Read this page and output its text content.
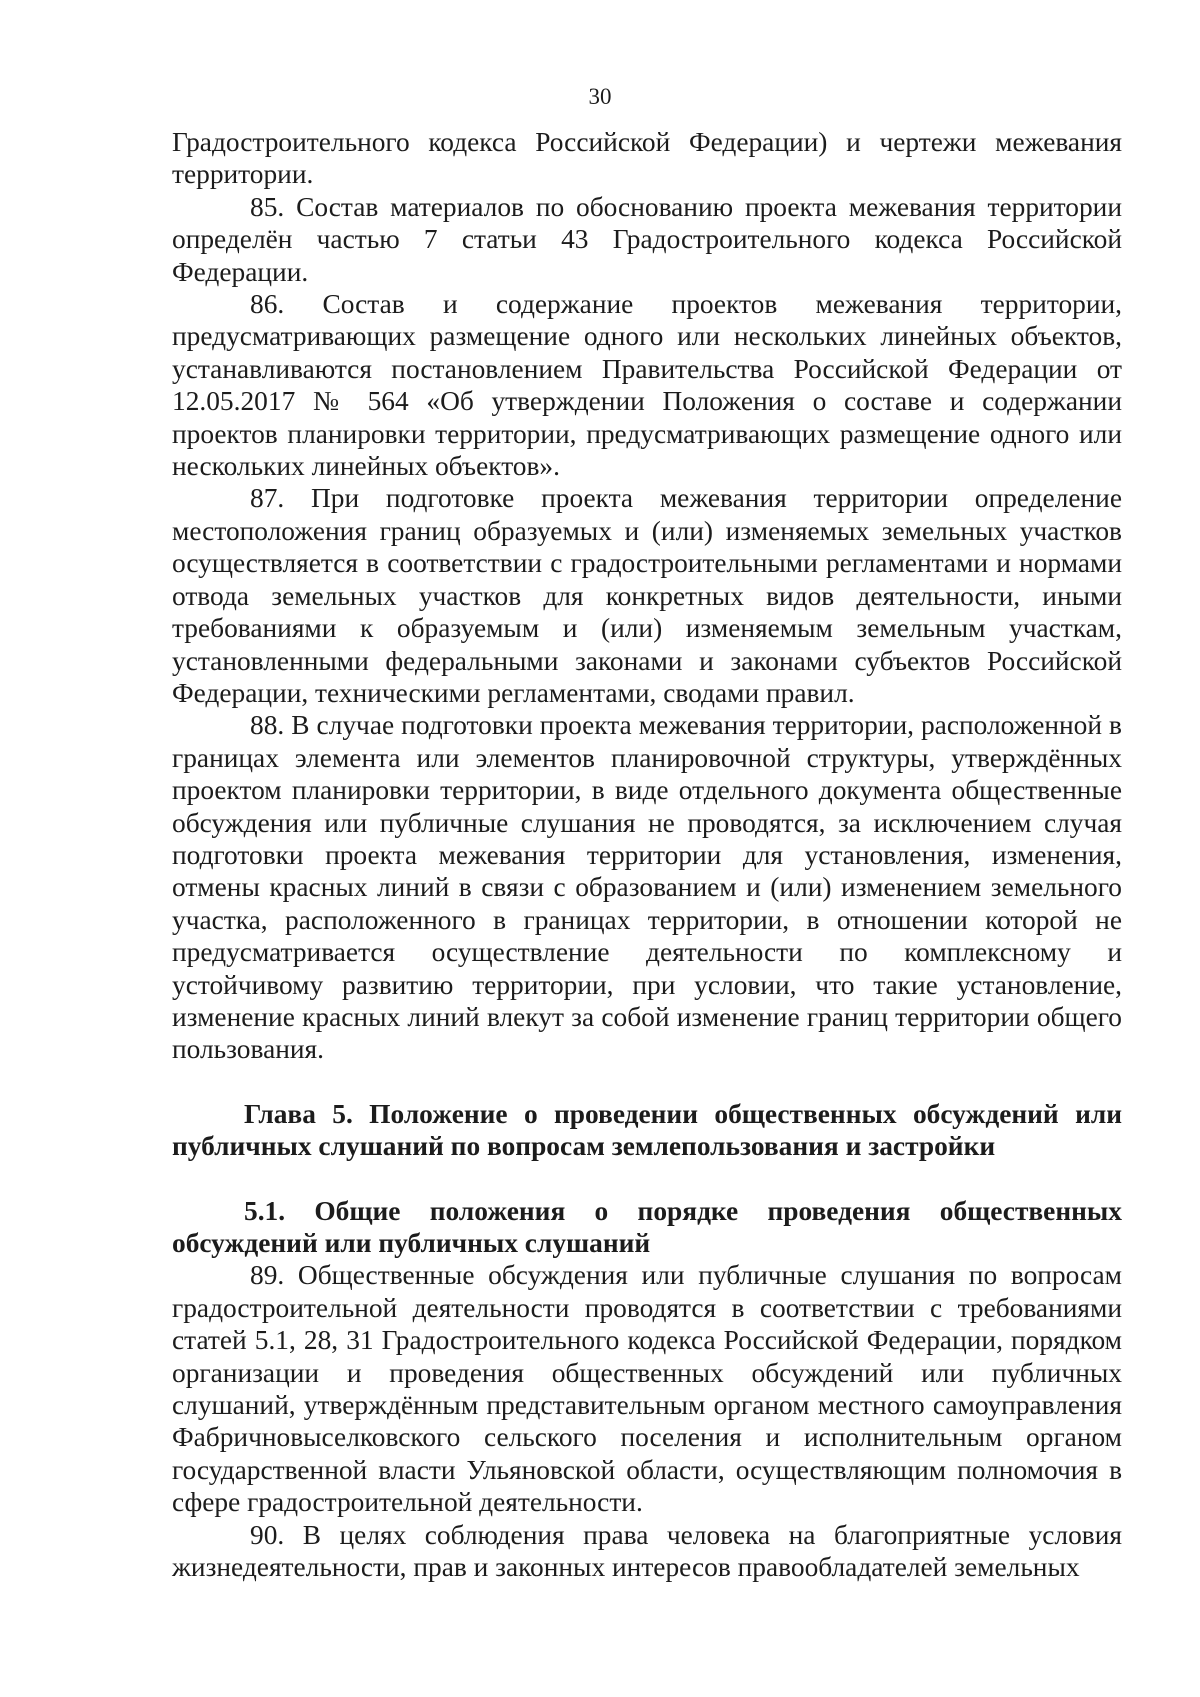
30

Градостроительного кодекса Российской Федерации) и чертежи межевания территории.

85. Состав материалов по обоснованию проекта межевания территории определён частью 7 статьи 43 Градостроительного кодекса Российской Федерации.

86. Состав и содержание проектов межевания территории, предусматривающих размещение одного или нескольких линейных объектов, устанавливаются постановлением Правительства Российской Федерации от 12.05.2017 № 564 «Об утверждении Положения о составе и содержании проектов планировки территории, предусматривающих размещение одного или нескольких линейных объектов».

87. При подготовке проекта межевания территории определение местоположения границ образуемых и (или) изменяемых земельных участков осуществляется в соответствии с градостроительными регламентами и нормами отвода земельных участков для конкретных видов деятельности, иными требованиями к образуемым и (или) изменяемым земельным участкам, установленными федеральными законами и законами субъектов Российской Федерации, техническими регламентами, сводами правил.

88. В случае подготовки проекта межевания территории, расположенной в границах элемента или элементов планировочной структуры, утверждённых проектом планировки территории, в виде отдельного документа общественные обсуждения или публичные слушания не проводятся, за исключением случая подготовки проекта межевания территории для установления, изменения, отмены красных линий в связи с образованием и (или) изменением земельного участка, расположенного в границах территории, в отношении которой не предусматривается осуществление деятельности по комплексному и устойчивому развитию территории, при условии, что такие установление, изменение красных линий влекут за собой изменение границ территории общего пользования.

Глава 5. Положение о проведении общественных обсуждений или публичных слушаний по вопросам землепользования и застройки

5.1. Общие положения о порядке проведения общественных обсуждений или публичных слушаний

89. Общественные обсуждения или публичные слушания по вопросам градостроительной деятельности проводятся в соответствии с требованиями статей 5.1, 28, 31 Градостроительного кодекса Российской Федерации, порядком организации и проведения общественных обсуждений или публичных слушаний, утверждённым представительным органом местного самоуправления Фабричновыселковского сельского поселения и исполнительным органом государственной власти Ульяновской области, осуществляющим полномочия в сфере градостроительной деятельности.

90. В целях соблюдения права человека на благоприятные условия жизнедеятельности, прав и законных интересов правообладателей земельных
